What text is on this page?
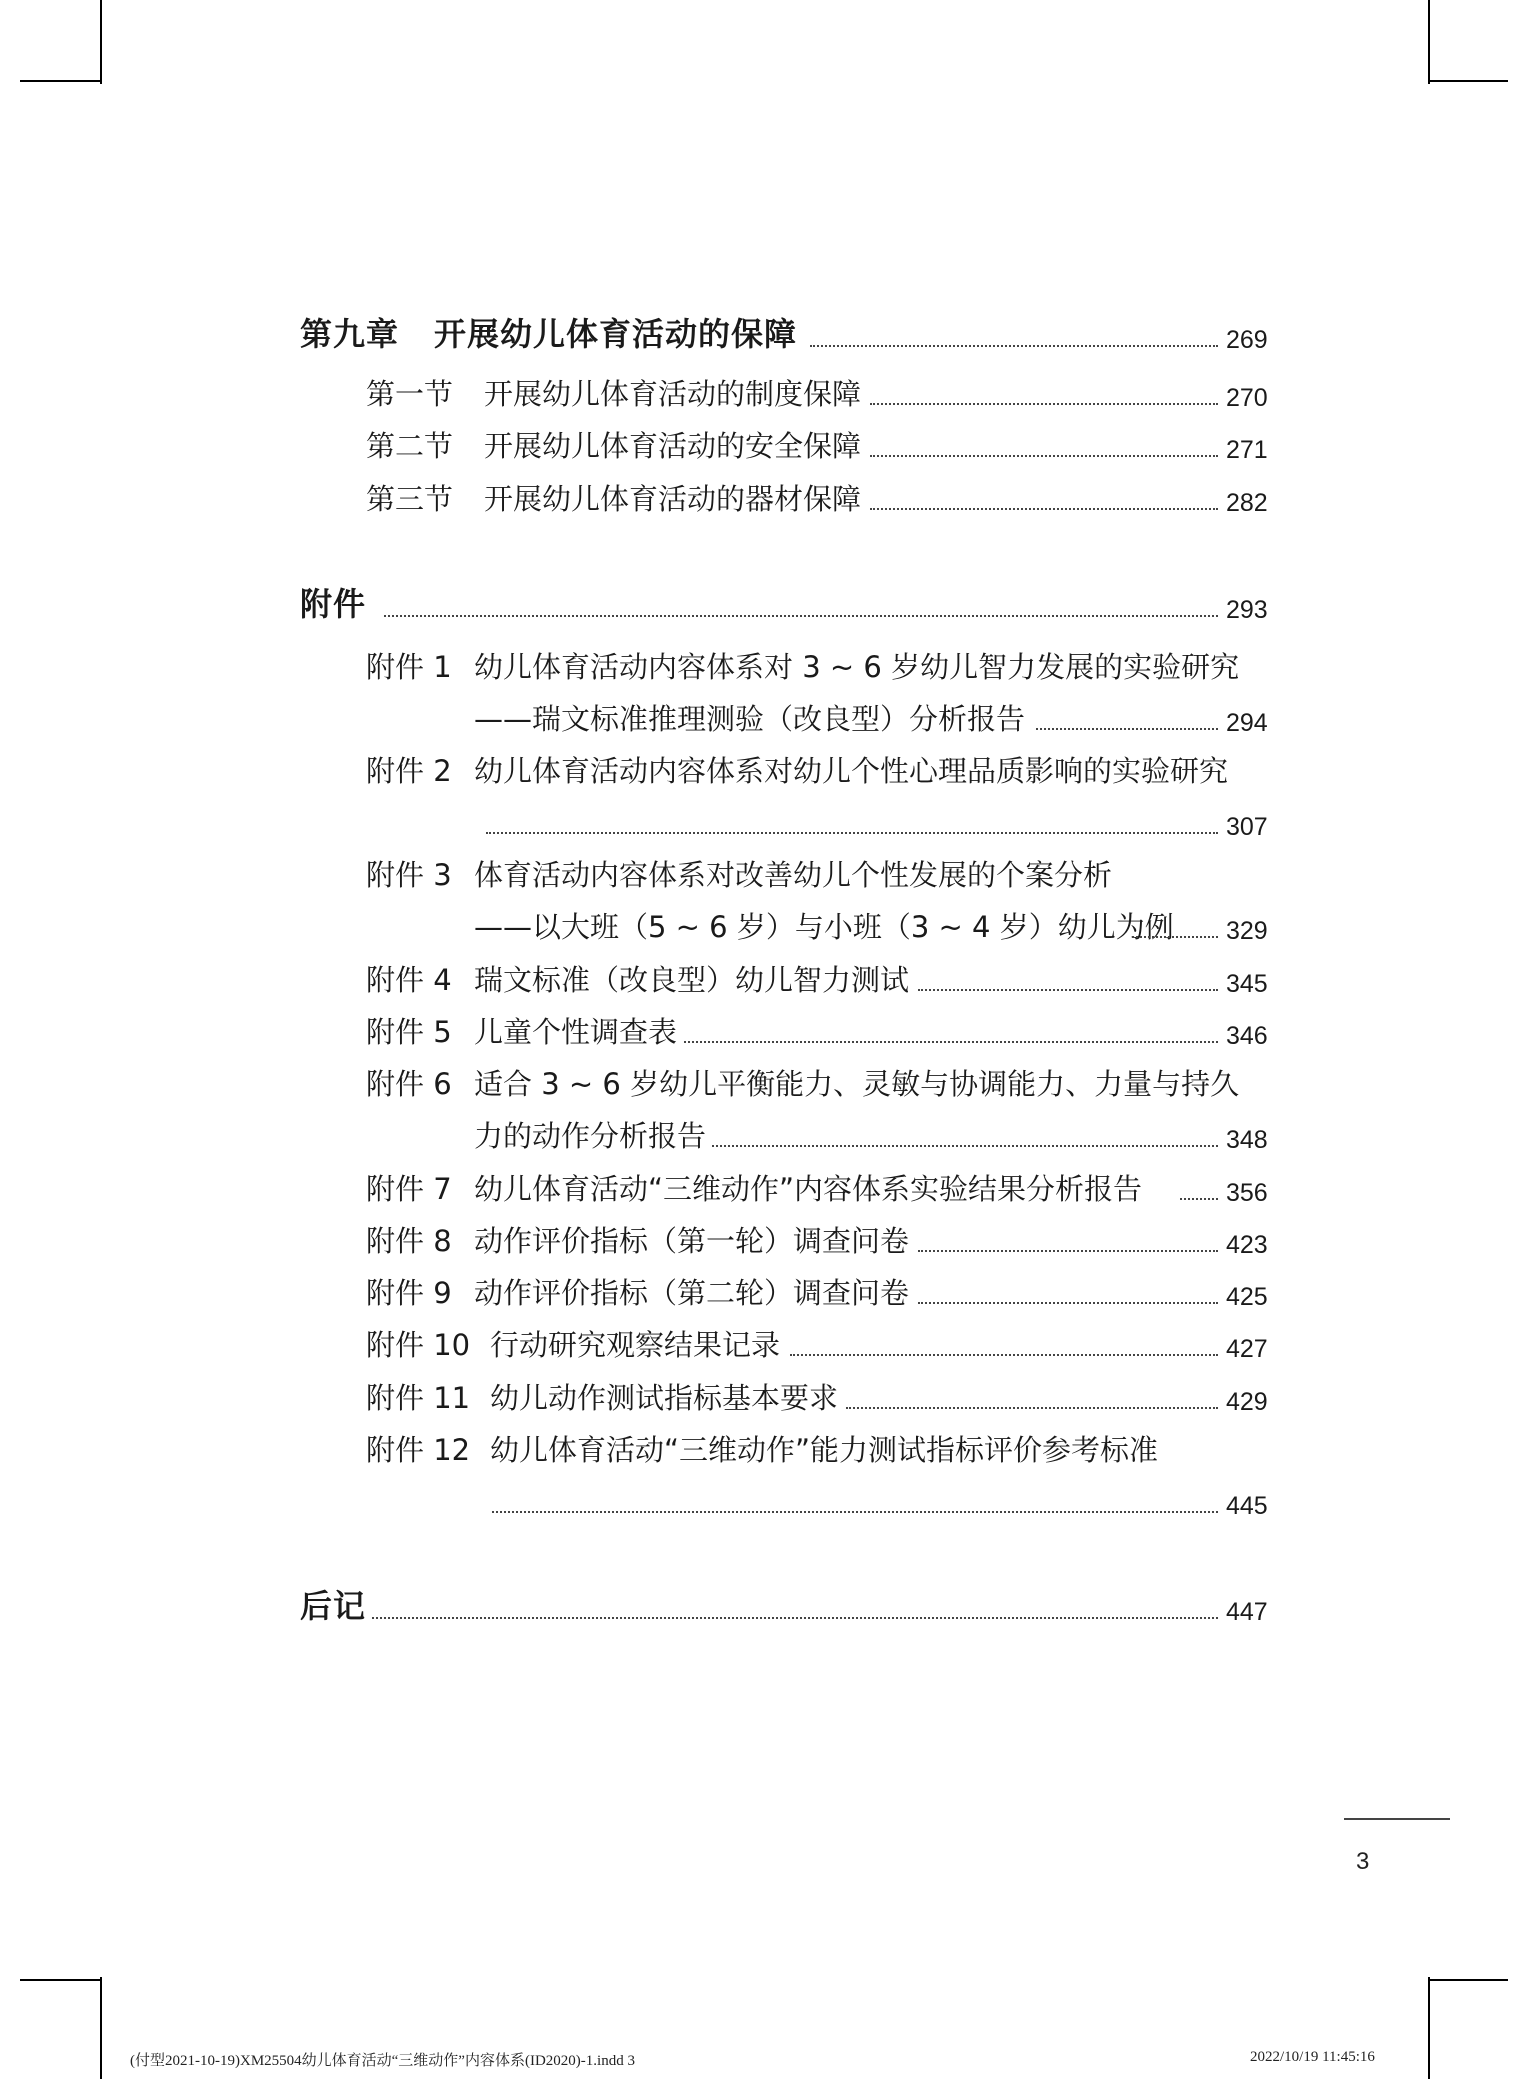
第九章 开展幼儿体育活动的保障	269
第一节 开展幼儿体育活动的制度保障	270
第二节 开展幼儿体育活动的安全保障	271
第三节 开展幼儿体育活动的器材保障	282
附件	293
附件 1 幼儿体育活动内容体系对 3 ~ 6 岁幼儿智力发展的实验研究
——瑞文标准推理测验（改良型）分析报告	294
附件 2 幼儿体育活动内容体系对幼儿个性心理品质影响的实验研究
307
附件 3 体育活动内容体系对改善幼儿个性发展的个案分析
——以大班（5 ~ 6 岁）与小班（3 ~ 4 岁）幼儿为例 329
附件 4 瑞文标准（改良型）幼儿智力测试	345
附件 5 儿童个性调查表	346
附件 6 适合 3 ~ 6 岁幼儿平衡能力、灵敏与协调能力、力量与持久
力的动作分析报告	348
附件 7 幼儿体育活动“三维动作”内容体系实验结果分析报告	356
附件 8 动作评价指标（第一轮）调查问卷	423
附件 9 动作评价指标（第二轮）调查问卷	425
附件 10 行动研究观察结果记录	427
附件 11 幼儿动作测试指标基本要求	429
附件 12 幼儿体育活动“三维动作”能力测试指标评价参考标准
445
后记	447
3
(付型2021-10-19)XM25504幼儿体育活动“三维动作”内容体系(ID2020)-1.indd 3	2022/10/19 11:45:16
